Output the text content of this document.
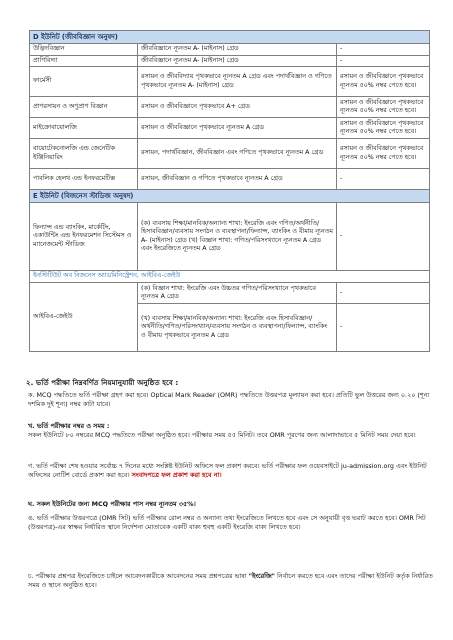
D ইউনিট (জীববিজ্ঞান অনুষদ)		
উদ্ভিদবিজ্ঞান	জীববিজ্ঞানে ন্যূনতম A- (মাইনাস) গ্রেড	-
প্রাণিবিদ্যা	জীববিজ্ঞানে ন্যূনতম A- (মাইনাস) গ্রেড	-
ফার্মেসী	রসায়ন ও জীববিদ্যায় পৃথকভাবে ন্যূনতম A গ্রেড এবং পদার্থবিজ্ঞান ও গণিতে পৃথকভাবে ন্যূনতম A- (মাইনাস) গ্রেড	রসায়ন ও জীববিজ্ঞানে পৃথকভাবে ন্যূনতম ৫০% নম্বর পেতে হবে।
প্রাণরসায়ন ও অণুপ্রাণ বিজ্ঞান	রসায়ন ও জীববিজ্ঞানে পৃথকভাবে A+ গ্রেড	রসায়ন ও জীববিজ্ঞানে পৃথকভাবে ন্যূনতম ৫০% নম্বর পেতে হবে।
মাইক্রোবায়োলজি	রসায়ন ও জীববিজ্ঞানে পৃথকভাবে ন্যূনতম A গ্রেড	রসায়ন ও জীববিজ্ঞানে পৃথকভাবে ন্যূনতম ৫০% নম্বর পেতে হবে।
বায়োটেকনোলজি এন্ড জেনেটিক ইঞ্জিনিয়ারিং	রসায়ন, পদার্থবিজ্ঞান, জীববিজ্ঞান এবং গণিতে পৃথকভাবে ন্যূনতম A গ্রেড	রসায়ন ও জীববিজ্ঞানে পৃথকভাবে ন্যূনতম ৫০% নম্বর পেতে হবে।
পাবলিক হেলথ এন্ড ইনফরমেটিক্স	রসায়ন, জীববিজ্ঞান ও গণিতে পৃথকভাবে ন্যূনতম A গ্রেড	-
E ইউনিট (বিজনেস স্টাডিজ অনুষদ)		
ফিন্যান্স এন্ড ব্যাংকিং, মার্কেটিং, একাউন্টিং এন্ড ইনফরমেশন সিস্টেমস ও ম্যানেজমেন্ট স্টাডিজ	(ক) ব্যবসায় শিক্ষা/মানবিক/অন্যান্য শাখা: ইংরেজি এবং গণিত/অর্থনীতি/হিসাববিজ্ঞান/ব্যবসায় সংগঠন ও ব্যবস্থাপনা/ফিন্যান্স, ব্যাংকিং ও বীমায় ন্যূনতম A- (মাইনাস) গ্রেড (খ) বিজ্ঞান শাখা: গণিত/পরিসংখ্যানে ন্যূনতম A গ্রেড এবং ইংরেজিতে ন্যূনতম A গ্রেড	-
ইনস্টিটিউট অব বিজনেস অ্যাডমিনিস্ট্রেশন, আইবিএ-জেইউ		
আইবিএ-জেইউ	(ক) বিজ্ঞান শাখা: ইংরেজি এবং উচ্চতর গণিত/পরিসংখ্যানে পৃথকভাবে ন্যূনতম A গ্রেড	-
	(খ) ব্যবসায় শিক্ষা/মানবিক/অন্যান্য শাখা: ইংরেজি এবং হিসাববিজ্ঞান/অর্থনীতি/গণিত/পরিসংখ্যান/ব্যবসায় সংগঠন ও ব্যবস্থাপনা/ফিন্যান্স, ব্যাংকিং ও বীমায় পৃথকভাবে ন্যূনতম A গ্রেড	-
২. ভর্তি পরীক্ষা নিম্নবর্ণিত নিয়মানুযায়ী অনুষ্ঠিত হবে :
ক. MCQ পদ্ধতিতে ভর্তি পরীক্ষা গ্রহণ করা হবে। Optical Mark Reader (OMR) পদ্ধতিতে উত্তরপত্র মূল্যায়ন করা হবে। প্রতিটি ভুল উত্তরের জন্য ০.২০ (শূন্য দশমিক দুই শূন্য) নম্বর কাটা যাবে।
খ. ভর্তি পরীক্ষার নম্বর ও সময় :
সকল ইউনিটে ৮০ নম্বরের MCQ পদ্ধতিতে পরীক্ষা অনুষ্ঠিত হবে। পরীক্ষার সময় ৫৫ মিনিট। তবে OMR পূরণের জন্য আলাদাভাবে ৫ মিনিট সময় দেয়া হবে।
গ. ভর্তি পরীক্ষা শেষ হওয়ার সর্বোচ্চ ৭ দিনের মধ্যে সংশ্লিষ্ট ইউনিট অফিসে ফল প্রকাশ করবে। ভর্তি পরীক্ষার ফল ওয়েবসাইটে ju-admission.org এবং ইউনিট অফিসের নোটিশ বোর্ডে প্রকাশ করা হবে। সংবাদপত্রে ফল প্রকাশ করা হবে না।
ঘ. সকল ইউনিটের জন্য MCQ পরীক্ষার পাস নম্বর ন্যূনতম ৩৫%।
ঙ. ভর্তি পরীক্ষার উত্তরপত্রে (OMR সিট) ভর্তি পরীক্ষার রোল নম্বর ও অন্যান্য তথ্য ইংরেজিতে লিখতে হবে এবং সে অনুযায়ী বৃত্ত ভরাট করতে হবে। OMR সিট (উত্তরপত্র)-এর স্বাক্ষর নির্ধারিত স্থানে নির্দেশনা মোতাবেক একটি বাক্য হুবহু একটি ইংরেজি বাক্য লিখতে হবে।
চ. পরীক্ষার প্রশ্নপত্র ইংরেজিতে চাইলে আবেদনকারীকে আবেদনের সময় প্রশ্নপত্রের ভাষা "ইংরেজি" নির্বাচন করতে হবে এবং তাদের পরীক্ষা ইউনিট কর্তৃক নির্ধারিত সময় ও স্থানে অনুষ্ঠিত হবে।
